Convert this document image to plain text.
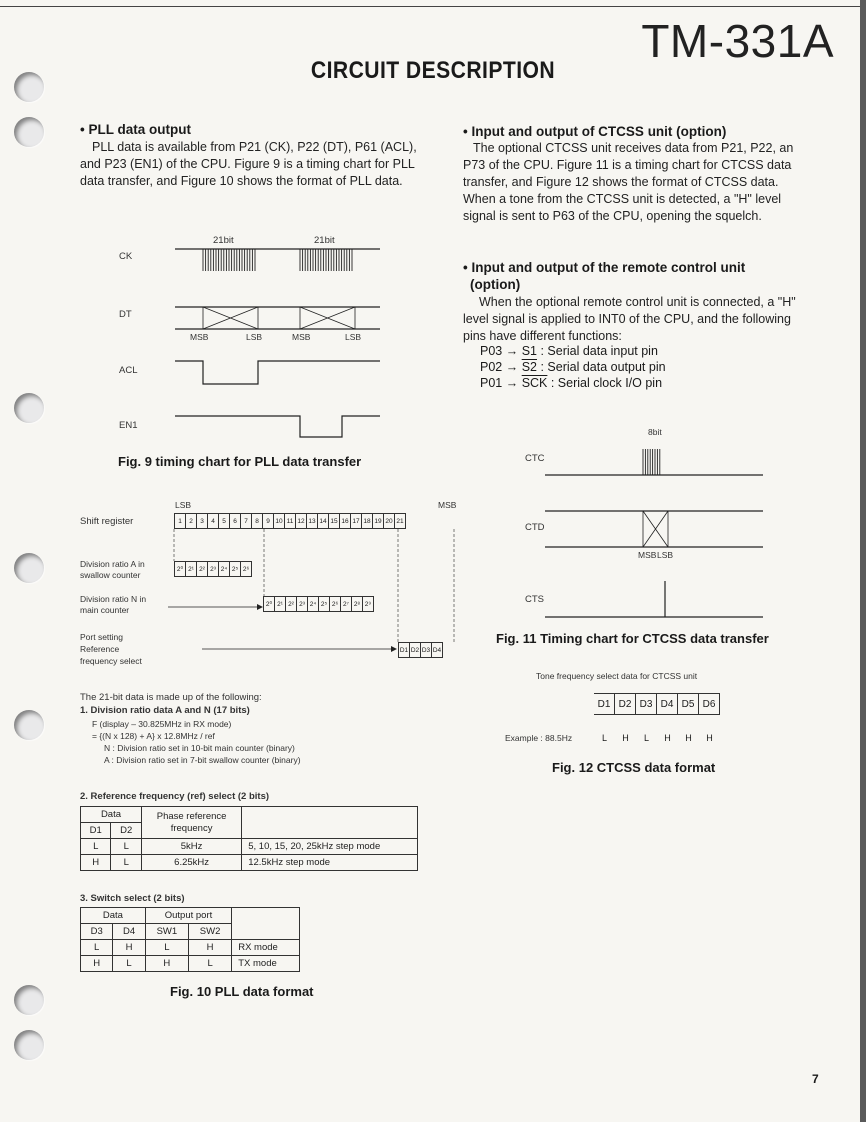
TM-331A
CIRCUIT DESCRIPTION
• PLL data output
PLL data is available from P21 (CK), P22 (DT), P61 (ACL), and P23 (EN1) of the CPU. Figure 9 is a timing chart for PLL data transfer, and Figure 10 shows the format of PLL data.
21bit	21bit
CK
DT
ACL
EN1
MSB	LSB	MSB	LSB
Fig. 9 timing chart for PLL data transfer
LSB	MSB
Shift register	1	2	3	4	5	6	7	8	9 10 11 12 13 14 15 16 17 18 19 20 21
Division ratio A in
swallow counter
2⁰ 2¹ 2² 2³ 2⁴ 2⁵ 2⁶
Division ratio N in
main counter
2⁰ 2¹ 2² 2³ 2⁴ 2⁵ 2⁶ 2⁷ 2⁸ 2⁹
Port setting
Reference
frequency select
D1 D2 D3 D4
The 21-bit data is made up of the following:
1. Division ratio data A and N (17 bits)
F (display – 30.825MHz in RX mode)
= {(N x 128) + A} x 12.8MHz / ref
N : Division ratio set in 10-bit main counter (binary)
A : Division ratio set in 7-bit swallow counter (binary)
2. Reference frequency (ref) select (2 bits)
Data		Phase reference
frequency	
D1	D2		
L	L	5kHz	5, 10, 15, 20, 25kHz step mode
H	L	6.25kHz	12.5kHz step mode
3. Switch select (2 bits)
Data		Output port		
D3	D4	SW1	SW2	
L	H	L	H	RX mode
H	L	H	L	TX mode
Fig. 10 PLL data format
• Input and output of CTCSS unit (option)
The optional CTCSS unit receives data from P21, P22, an P73 of the CPU. Figure 11 is a timing chart for CTCSS data transfer, and Figure 12 shows the format of CTCSS data. When a tone from the CTCSS unit is detected, a "H" level signal is sent to P63 of the CPU, opening the squelch.
• Input and output of the remote control unit
(option)
When the optional remote control unit is connected, a "H" level signal is applied to INT0 of the CPU, and the following pins have different functions:
P03 → S1 : Serial data input pin
P02 → S2 : Serial data output pin
$P01 \to \overline{SCK}$ : Serial clock I/O pin
8bit
CTC
CTD
CTS
MSB LSB
Fig. 11 Timing chart for CTCSS data transfer
Tone frequency select data for CTCSS unit
D1 D2 D3 D4 D5 D6
Example : 88.5Hz	L	H	L	H	H	H
Fig. 12 CTCSS data format
7
